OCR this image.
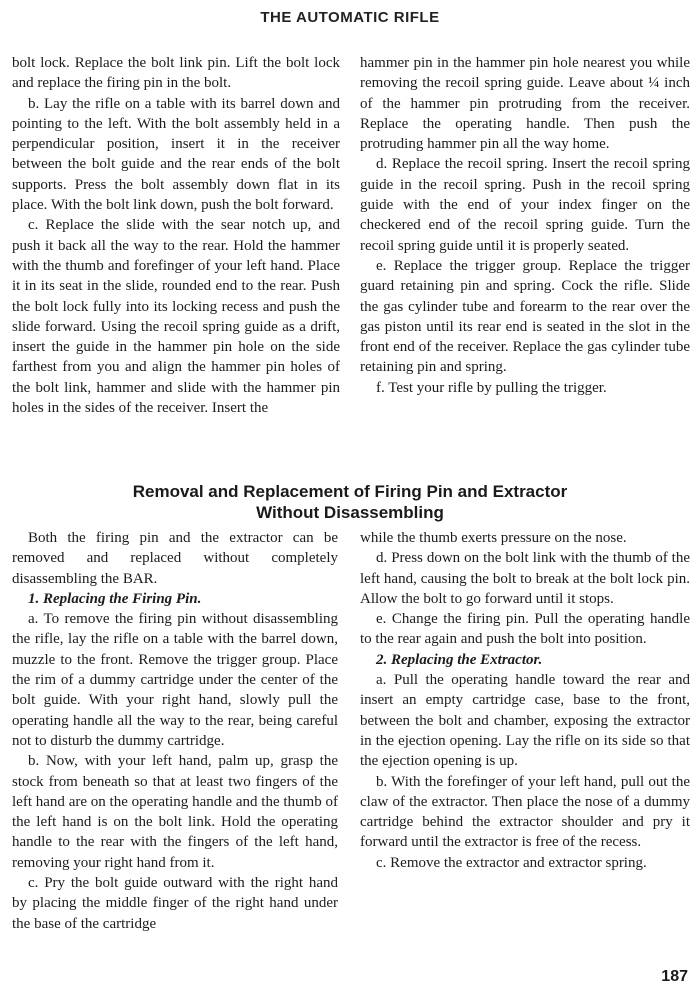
THE AUTOMATIC RIFLE

bolt lock. Replace the bolt link pin. Lift the bolt lock and replace the firing pin in the bolt.

b. Lay the rifle on a table with its barrel down and pointing to the left. With the bolt assembly held in a perpendicular position, insert it in the receiver between the bolt guide and the rear ends of the bolt supports. Press the bolt assembly down flat in its place. With the bolt link down, push the bolt forward.

c. Replace the slide with the sear notch up, and push it back all the way to the rear. Hold the hammer with the thumb and forefinger of your left hand. Place it in its seat in the slide, rounded end to the rear. Push the bolt lock fully into its locking recess and push the slide forward. Using the recoil spring guide as a drift, insert the guide in the hammer pin hole on the side farthest from you and align the hammer pin holes of the bolt link, hammer and slide with the hammer pin holes in the sides of the receiver. Insert the

hammer pin in the hammer pin hole nearest you while removing the recoil spring guide. Leave about ¼ inch of the hammer pin protruding from the receiver. Replace the operating handle. Then push the protruding hammer pin all the way home.

d. Replace the recoil spring. Insert the recoil spring guide in the recoil spring. Push in the recoil spring guide with the end of your index finger on the checkered end of the recoil spring guide. Turn the recoil spring guide until it is properly seated.

e. Replace the trigger group. Replace the trigger guard retaining pin and spring. Cock the rifle. Slide the gas cylinder tube and forearm to the rear over the gas piston until its rear end is seated in the slot in the front end of the receiver. Replace the gas cylinder tube retaining pin and spring.

f. Test your rifle by pulling the trigger.

Removal and Replacement of Firing Pin and Extractor
Without Disassembling

Both the firing pin and the extractor can be removed and replaced without completely disassembling the BAR.

1. Replacing the Firing Pin.

a. To remove the firing pin without disassembling the rifle, lay the rifle on a table with the barrel down, muzzle to the front. Remove the trigger group. Place the rim of a dummy cartridge under the center of the bolt guide. With your right hand, slowly pull the operating handle all the way to the rear, being careful not to disturb the dummy cartridge.

b. Now, with your left hand, palm up, grasp the stock from beneath so that at least two fingers of the left hand are on the operating handle and the thumb of the left hand is on the bolt link. Hold the operating handle to the rear with the fingers of the left hand, removing your right hand from it.

c. Pry the bolt guide outward with the right hand by placing the middle finger of the right hand under the base of the cartridge

while the thumb exerts pressure on the nose.

d. Press down on the bolt link with the thumb of the left hand, causing the bolt to break at the bolt lock pin. Allow the bolt to go forward until it stops.

e. Change the firing pin. Pull the operating handle to the rear again and push the bolt into position.

2. Replacing the Extractor.

a. Pull the operating handle toward the rear and insert an empty cartridge case, base to the front, between the bolt and chamber, exposing the extractor in the ejection opening. Lay the rifle on its side so that the ejection opening is up.

b. With the forefinger of your left hand, pull out the claw of the extractor. Then place the nose of a dummy cartridge behind the extractor shoulder and pry it forward until the extractor is free of the recess.

c. Remove the extractor and extractor spring.

187
